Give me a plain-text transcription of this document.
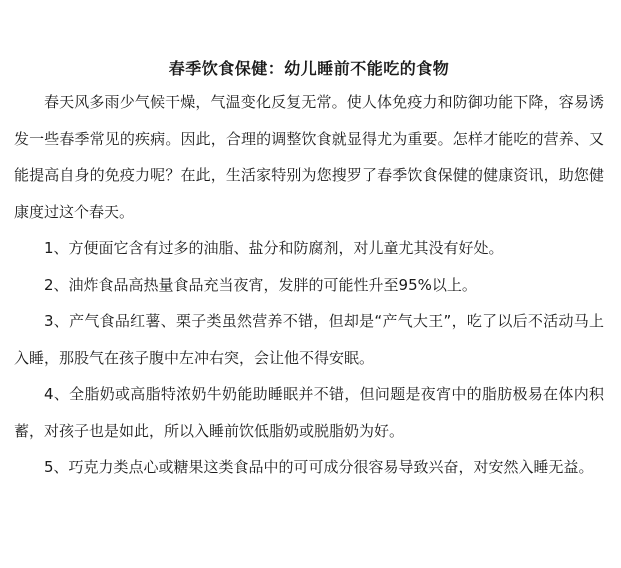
春季饮食保健：幼儿睡前不能吃的食物

春天风多雨少气候干燥，气温变化反复无常。使人体免疫力和防御功能下降，容易诱发一些春季常见的疾病。因此，合理的调整饮食就显得尤为重要。怎样才能吃的营养、又能提高自身的免疫力呢？在此，生活家特别为您搜罗了春季饮食保健的健康资讯，助您健康度过这个春天。

1、方便面它含有过多的油脂、盐分和防腐剂，对儿童尤其没有好处。

2、油炸食品高热量食品充当夜宵，发胖的可能性升至95%以上。

3、产气食品红薯、栗子类虽然营养不错，但却是“产气大王”，吃了以后不活动马上入睡，那股气在孩子腹中左冲右突，会让他不得安眠。

4、全脂奶或高脂特浓奶牛奶能助睡眠并不错，但问题是夜宵中的脂肪极易在体内积蓄，对孩子也是如此，所以入睡前饮低脂奶或脱脂奶为好。

5、巧克力类点心或糖果这类食品中的可可成分很容易导致兴奋，对安然入睡无益。
